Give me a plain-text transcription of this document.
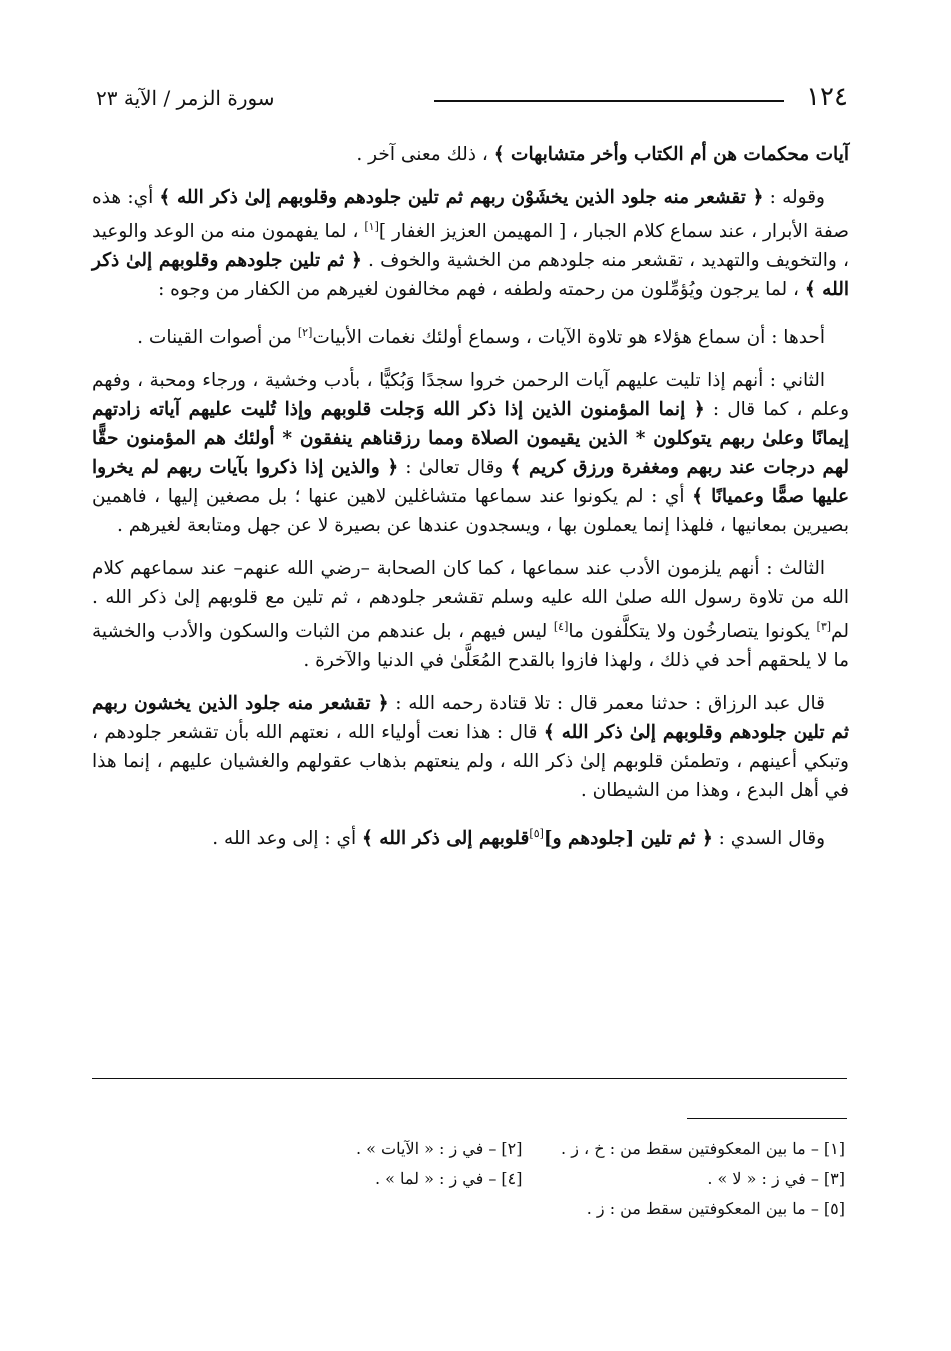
١٢٤
سورة الزمر / الآية ٢٣

آيات محكمات هن أم الكتاب وأخر متشابهات ﴾ ، ذلك معنى آخر .

وقوله : ﴿ تقشعر منه جلود الذين يخشَوْن ربهم ثم تلين جلودهم وقلوبهم إلىٰ ذكر الله ﴾ أي: هذه صفة الأبرار ، عند سماع كلام الجبار ، [ المهيمن العزيز الغفار ][١] ، لما يفهمون منه من الوعد والوعيد ، والتخويف والتهديد ، تقشعر منه جلودهم من الخشية والخوف . ﴿ ثم تلين جلودهم وقلوبهم إلىٰ ذكر الله ﴾ ، لما يرجون ويُؤمِّلون من رحمته ولطفه ، فهم مخالفون لغيرهم من الكفار من وجوه :

أحدها : أن سماع هؤلاء هو تلاوة الآيات ، وسماع أولئك نغمات الأبيات[٢] من أصوات القينات .

الثاني : أنهم إذا تليت عليهم آيات الرحمن خروا سجدًا وَبُكيًّا ، بأدب وخشية ، ورجاء ومحبة ، وفهم وعلم ، كما قال : ﴿ إنما المؤمنون الذين إذا ذكر الله وَجلت قلوبهم وإذا تُليت عليهم آياته زادتهم إيمانًا وعلىٰ ربهم يتوكلون * الذين يقيمون الصلاة ومما رزقناهم ينفقون * أولئك هم المؤمنون حقًّا لهم درجات عند ربهم ومغفرة ورزق كريم ﴾ وقال تعالىٰ : ﴿ والذين إذا ذكروا بآيات ربهم لم يخروا عليها صمًّا وعميانًا ﴾ أي : لم يكونوا عند سماعها متشاغلين لاهين عنها ؛ بل مصغين إليها ، فاهمين بصيرين بمعانيها ، فلهذا إنما يعملون بها ، ويسجدون عندها عن بصيرة لا عن جهل ومتابعة لغيرهم .

الثالث : أنهم يلزمون الأدب عند سماعها ، كما كان الصحابة –رضي الله عنهم– عند سماعهم كلام الله من تلاوة رسول الله صلىٰ الله عليه وسلم تقشعر جلودهم ، ثم تلين مع قلوبهم إلىٰ ذكر الله . لم[٣] يكونوا يتصارخُون ولا يتكلَّفون ما[٤] ليس فيهم ، بل عندهم من الثبات والسكون والأدب والخشية ما لا يلحقهم أحد في ذلك ، ولهذا فازوا بالقدح المُعَلَّىٰ في الدنيا والآخرة .

قال عبد الرزاق : حدثنا معمر قال : تلا قتادة رحمه الله : ﴿ تقشعر منه جلود الذين يخشون ربهم ثم تلين جلودهم وقلوبهم إلىٰ ذكر الله ﴾ قال : هذا نعت أولياء الله ، نعتهم الله بأن تقشعر جلودهم ، وتبكي أعينهم ، وتطمئن قلوبهم إلىٰ ذكر الله ، ولم ينعتهم بذهاب عقولهم والغشيان عليهم ، إنما هذا في أهل البدع ، وهذا من الشيطان .

وقال السدي : ﴿ ثم تلين [جلودهم و][٥]قلوبهم إلى ذكر الله ﴾ أي : إلى وعد الله .

[١] – ما بين المعكوفتين سقط من : خ ، ز .
[٢] – في ز : « الآيات » .
[٣] – في ز : « لا » .
[٤] – في ز : « لما » .
[٥] – ما بين المعكوفتين سقط من : ز .
